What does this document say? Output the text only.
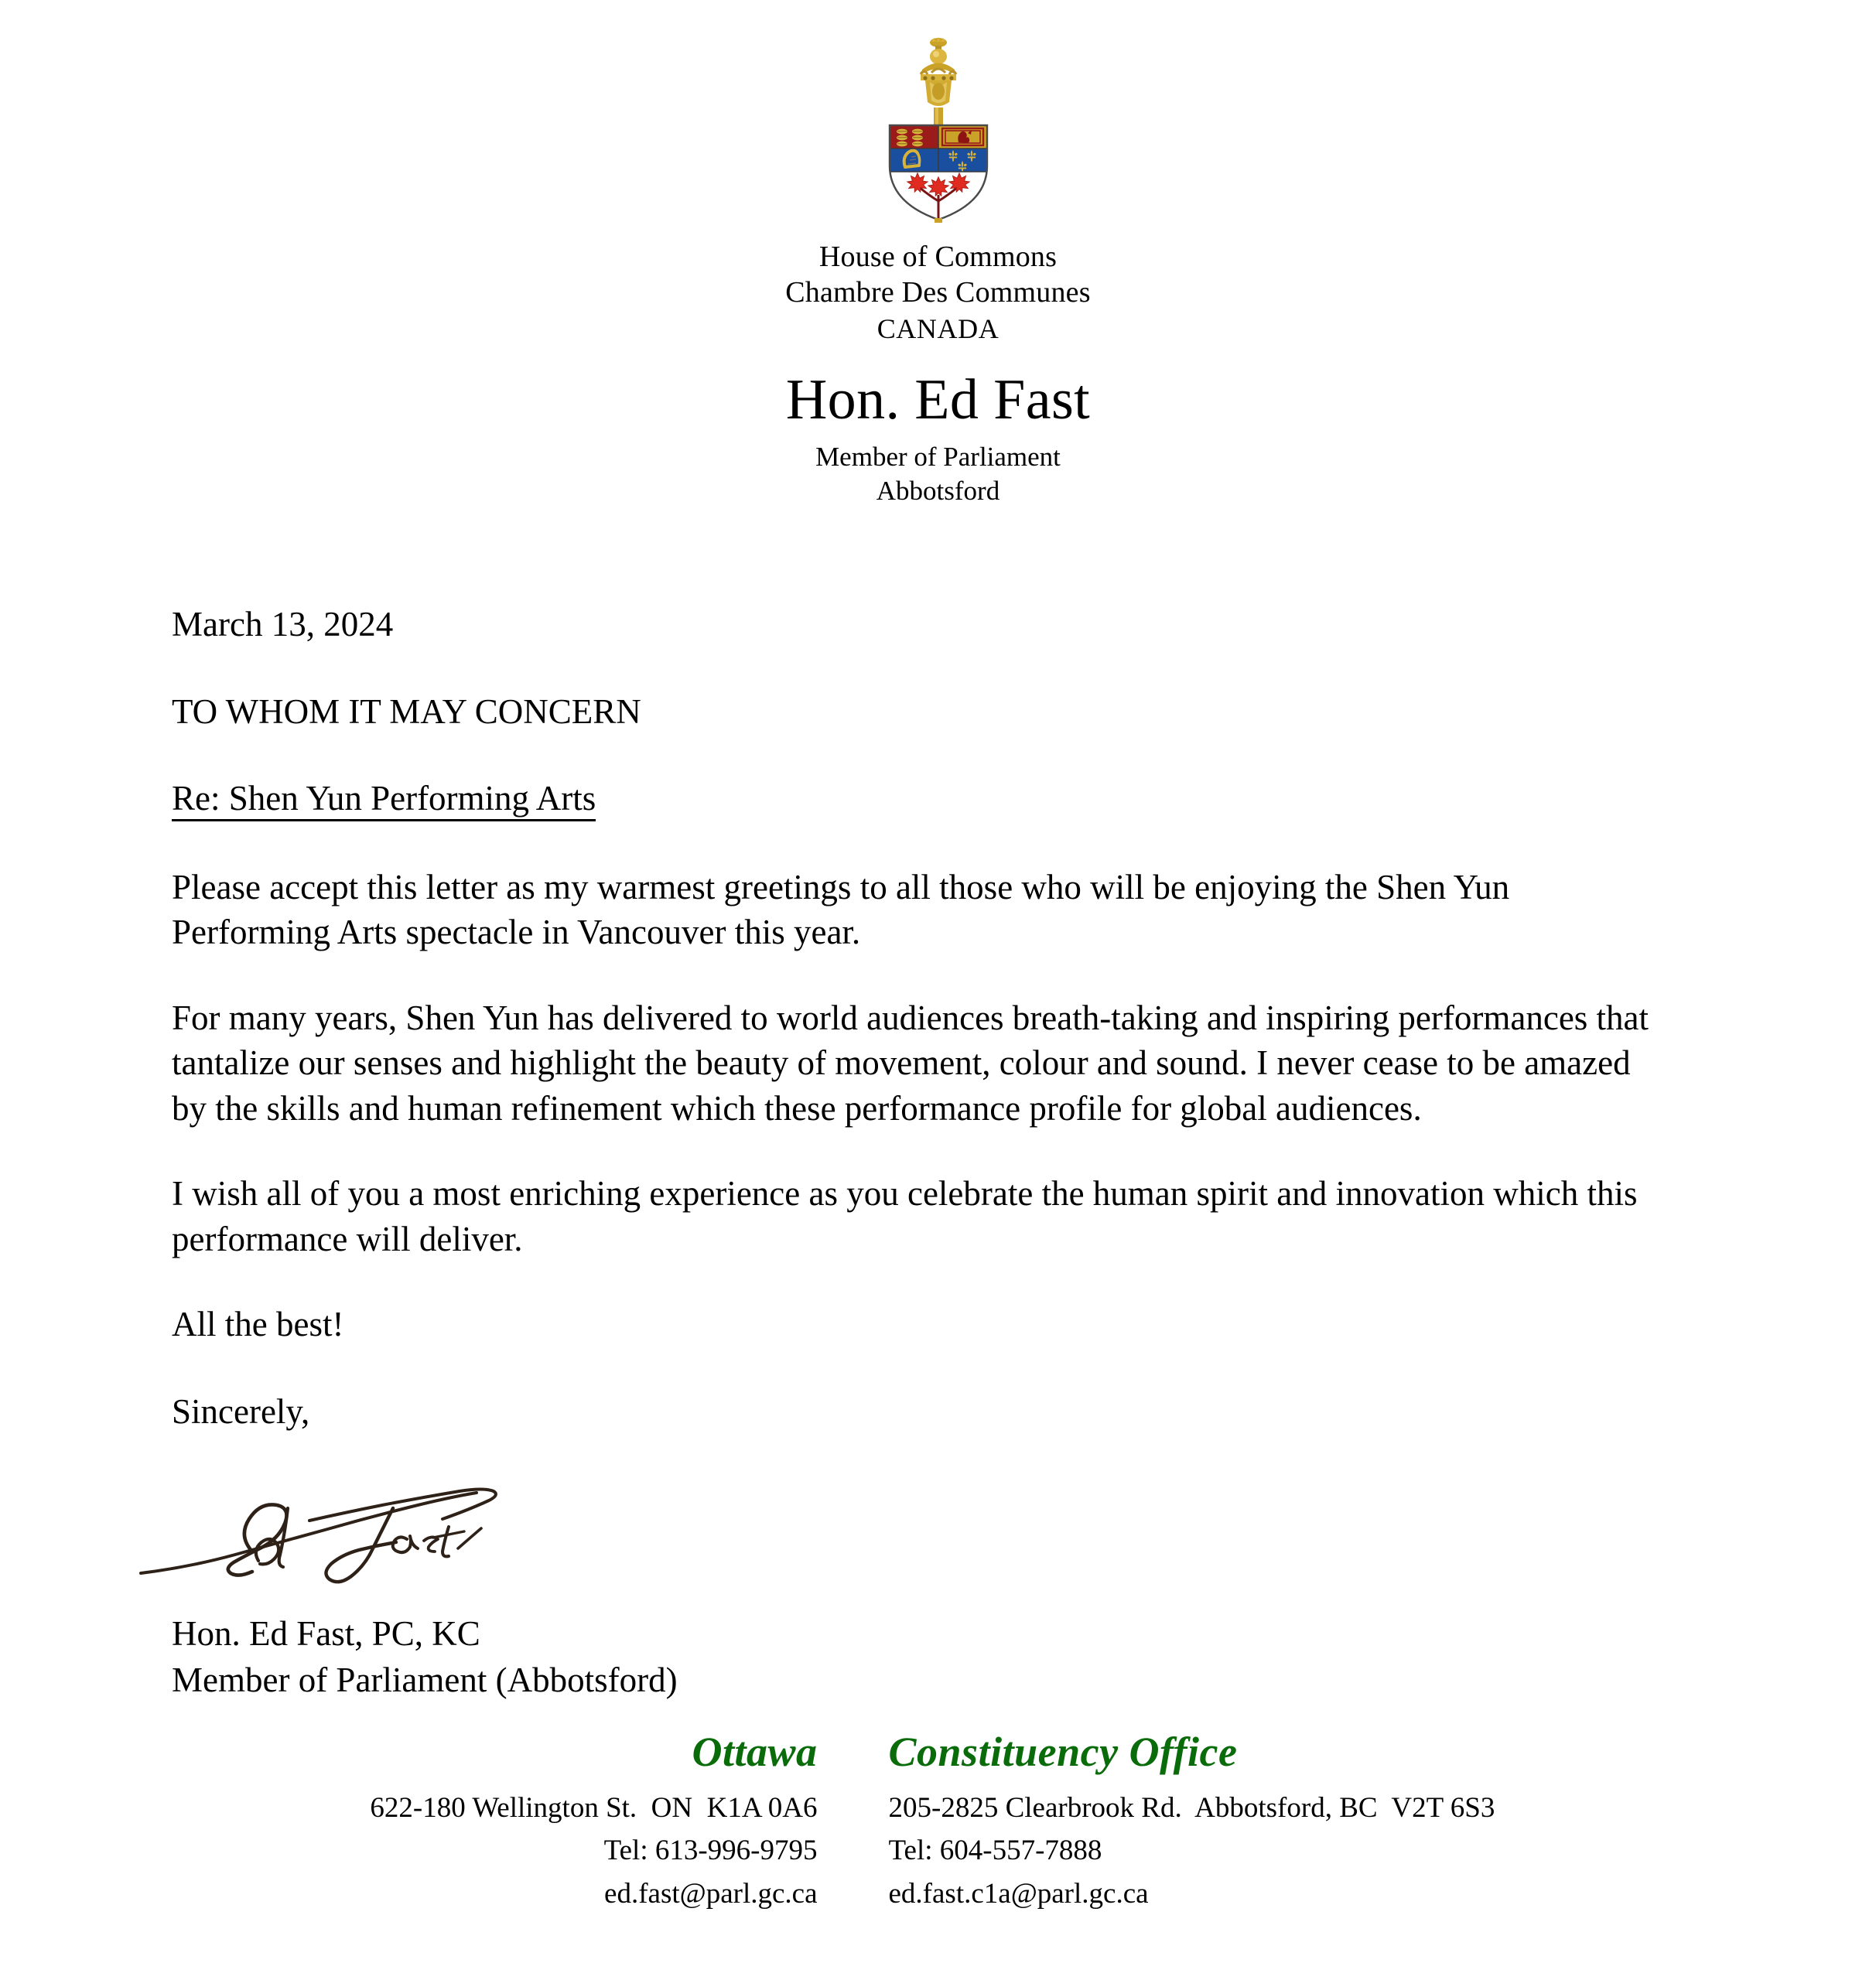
House of Commons
Chambre Des Communes
CANADA
Hon. Ed Fast
Member of Parliament
Abbotsford

March 13, 2024

TO WHOM IT MAY CONCERN

Re: Shen Yun Performing Arts

Please accept this letter as my warmest greetings to all those who will be enjoying the Shen Yun Performing Arts spectacle in Vancouver this year.

For many years, Shen Yun has delivered to world audiences breath-taking and inspiring performances that tantalize our senses and highlight the beauty of movement, colour and sound. I never cease to be amazed by the skills and human refinement which these performance profile for global audiences.

I wish all of you a most enriching experience as you celebrate the human spirit and innovation which this performance will deliver.

All the best!

Sincerely,

Hon. Ed Fast, PC, KC

Member of Parliament (Abbotsford)

Ottawa
622-180 Wellington St.  ON  K1A 0A6
Tel: 613-996-9795
ed.fast@parl.gc.ca
Constituency Office
205-2825 Clearbrook Rd.  Abbotsford, BC  V2T 6S3
Tel: 604-557-7888
ed.fast.c1a@parl.gc.ca
